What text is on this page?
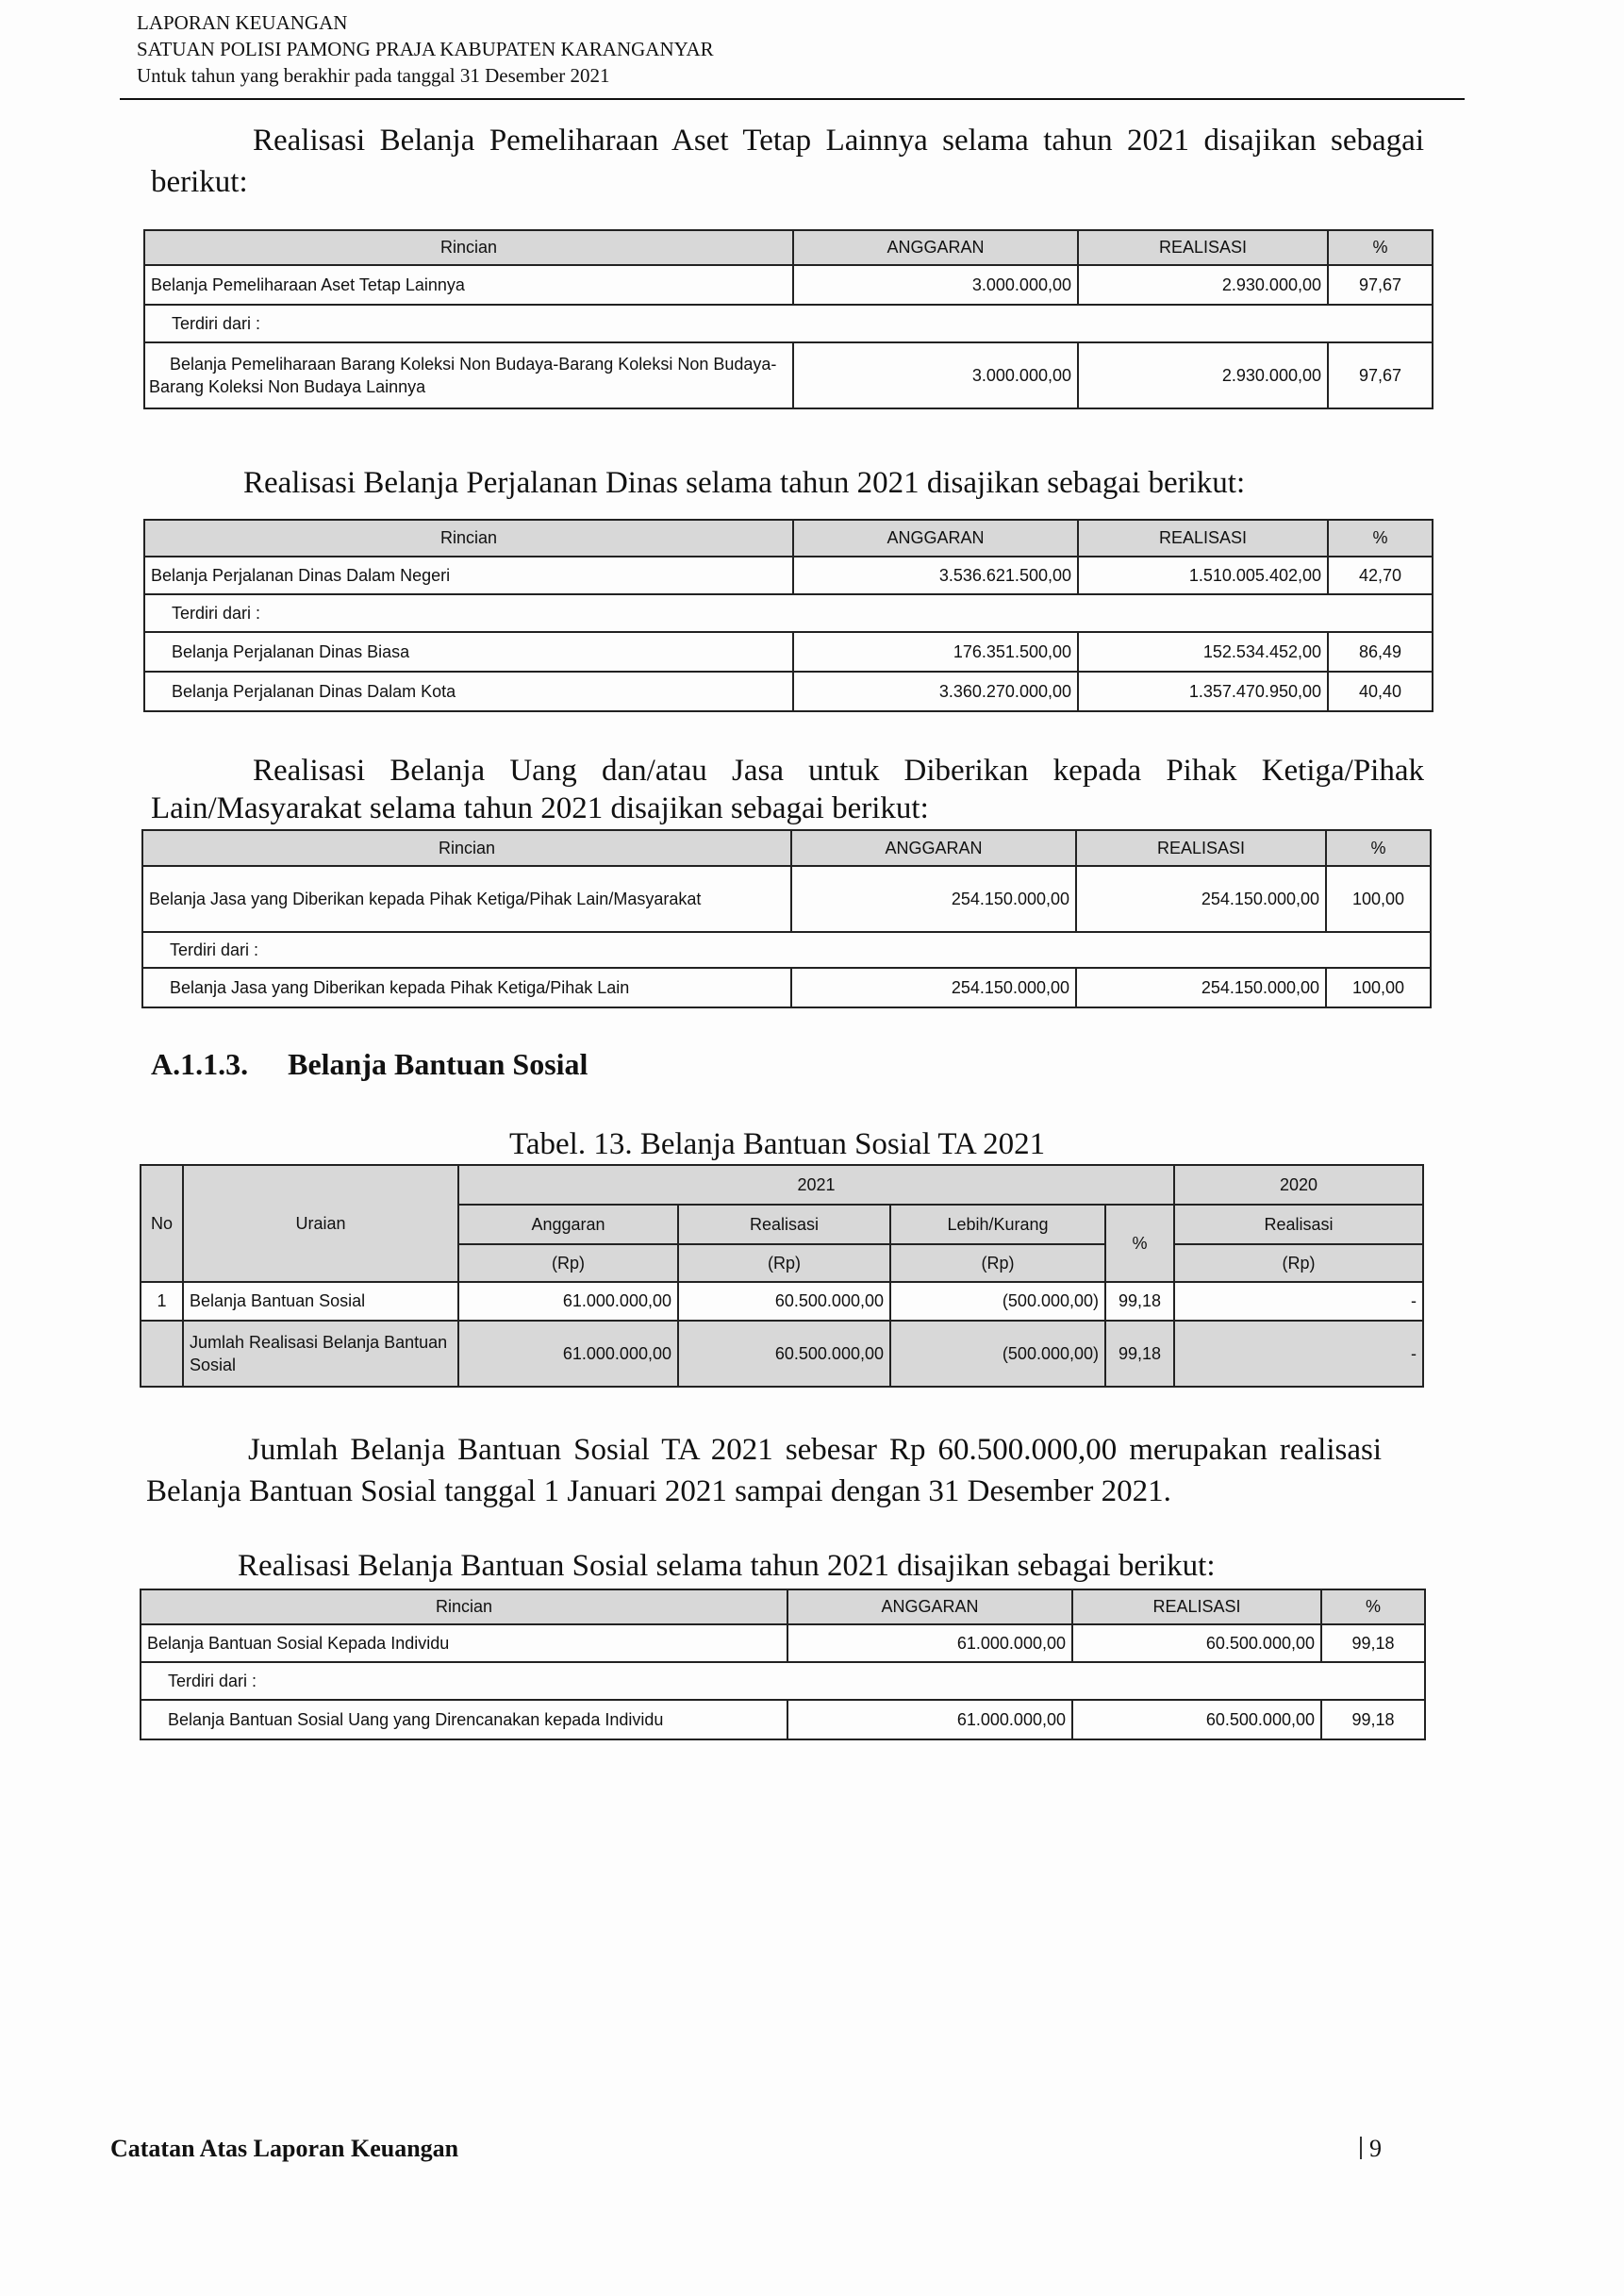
LAPORAN KEUANGAN
SATUAN POLISI PAMONG PRAJA KABUPATEN KARANGANYAR
Untuk tahun yang berakhir pada tanggal 31 Desember 2021
Realisasi Belanja Pemeliharaan Aset Tetap Lainnya selama tahun 2021 disajikan sebagai berikut:
Rincian	ANGGARAN	REALISASI	%
Belanja Pemeliharaan Aset Tetap Lainnya	3.000.000,00	2.930.000,00	97,67
Terdiri dari :			
Belanja Pemeliharaan Barang Koleksi Non Budaya-Barang Koleksi Non Budaya-Barang Koleksi Non Budaya Lainnya	3.000.000,00	2.930.000,00	97,67
Realisasi Belanja Perjalanan Dinas selama tahun 2021 disajikan sebagai berikut:
Rincian	ANGGARAN	REALISASI	%
Belanja Perjalanan Dinas Dalam Negeri	3.536.621.500,00	1.510.005.402,00	42,70
Terdiri dari :			
Belanja Perjalanan Dinas Biasa	176.351.500,00	152.534.452,00	86,49
Belanja Perjalanan Dinas Dalam Kota	3.360.270.000,00	1.357.470.950,00	40,40
Realisasi Belanja Uang dan/atau Jasa untuk Diberikan kepada Pihak Ketiga/Pihak Lain/Masyarakat selama tahun 2021 disajikan sebagai berikut:
Rincian	ANGGARAN	REALISASI	%
Belanja Jasa yang Diberikan kepada Pihak Ketiga/Pihak Lain/Masyarakat	254.150.000,00	254.150.000,00	100,00
Terdiri dari :			
Belanja Jasa yang Diberikan kepada Pihak Ketiga/Pihak Lain	254.150.000,00	254.150.000,00	100,00
A.1.1.3. Belanja Bantuan Sosial
Tabel. 13. Belanja Bantuan Sosial TA 2021
No	Uraian	2021				2020
		Anggaran	Realisasi	Lebih/Kurang	%	Realisasi
		(Rp)	(Rp)	(Rp)		(Rp)
1	Belanja Bantuan Sosial	61.000.000,00	60.500.000,00	(500.000,00)	99,18	-
	Jumlah Realisasi Belanja Bantuan Sosial	61.000.000,00	60.500.000,00	(500.000,00)	99,18	-
Jumlah Belanja Bantuan Sosial TA 2021 sebesar Rp 60.500.000,00 merupakan realisasi Belanja Bantuan Sosial tanggal 1 Januari 2021 sampai dengan 31 Desember 2021.
Realisasi Belanja Bantuan Sosial selama tahun 2021 disajikan sebagai berikut:
Rincian	ANGGARAN	REALISASI	%
Belanja Bantuan Sosial Kepada Individu	61.000.000,00	60.500.000,00	99,18
Terdiri dari :			
Belanja Bantuan Sosial Uang yang Direncanakan kepada Individu	61.000.000,00	60.500.000,00	99,18
Catatan Atas Laporan Keuangan	9
